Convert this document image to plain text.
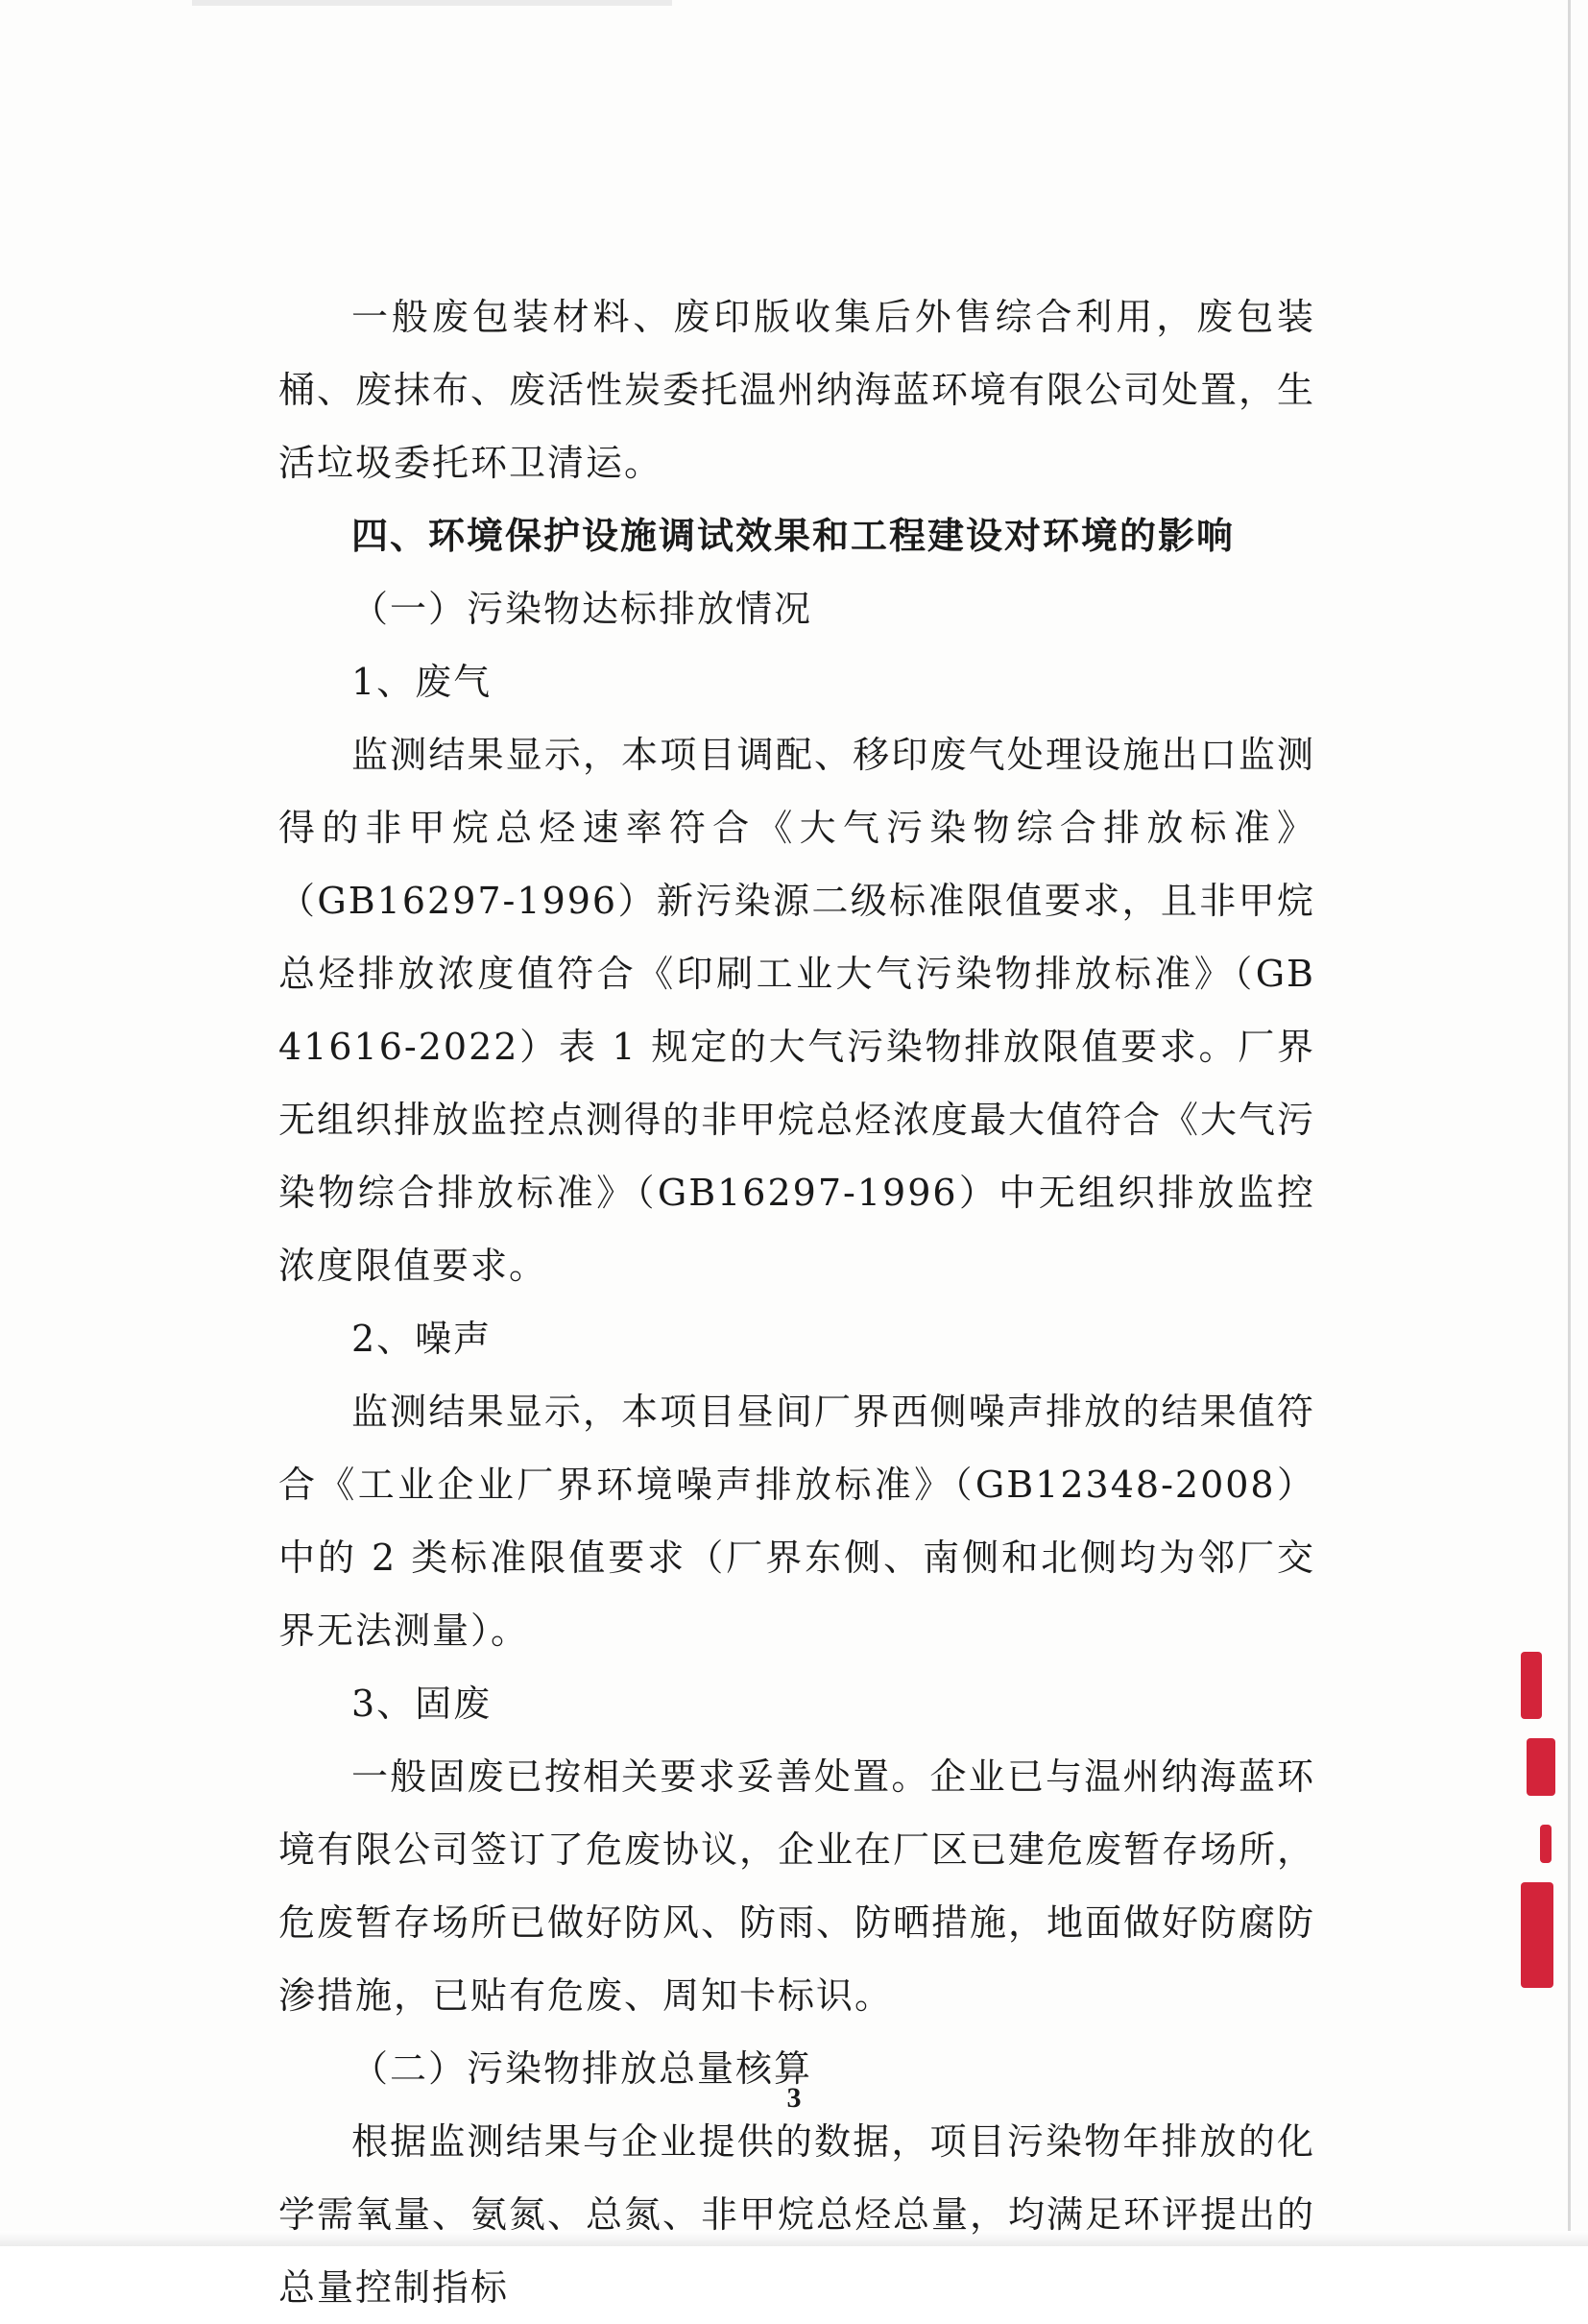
一般废包装材料、废印版收集后外售综合利用，废包装桶、废抹布、废活性炭委托温州纳海蓝环境有限公司处置，生活垃圾委托环卫清运。

四、环境保护设施调试效果和工程建设对环境的影响

（一）污染物达标排放情况

1、废气

监测结果显示，本项目调配、移印废气处理设施出口监测得的非甲烷总烃速率符合《大气污染物综合排放标准》（GB16297-1996）新污染源二级标准限值要求，且非甲烷总烃排放浓度值符合《印刷工业大气污染物排放标准》（GB 41616-2022）表 1 规定的大气污染物排放限值要求。厂界无组织排放监控点测得的非甲烷总烃浓度最大值符合《大气污染物综合排放标准》（GB16297-1996）中无组织排放监控浓度限值要求。

2、噪声

监测结果显示，本项目昼间厂界西侧噪声排放的结果值符合《工业企业厂界环境噪声排放标准》（GB12348-2008）中的 2 类标准限值要求（厂界东侧、南侧和北侧均为邻厂交界无法测量）。

3、固废

一般固废已按相关要求妥善处置。企业已与温州纳海蓝环境有限公司签订了危废协议，企业在厂区已建危废暂存场所，危废暂存场所已做好防风、防雨、防晒措施，地面做好防腐防渗措施，已贴有危废、周知卡标识。

（二）污染物排放总量核算

根据监测结果与企业提供的数据，项目污染物年排放的化学需氧量、氨氮、总氮、非甲烷总烃总量，均满足环评提出的总量控制指标

3
